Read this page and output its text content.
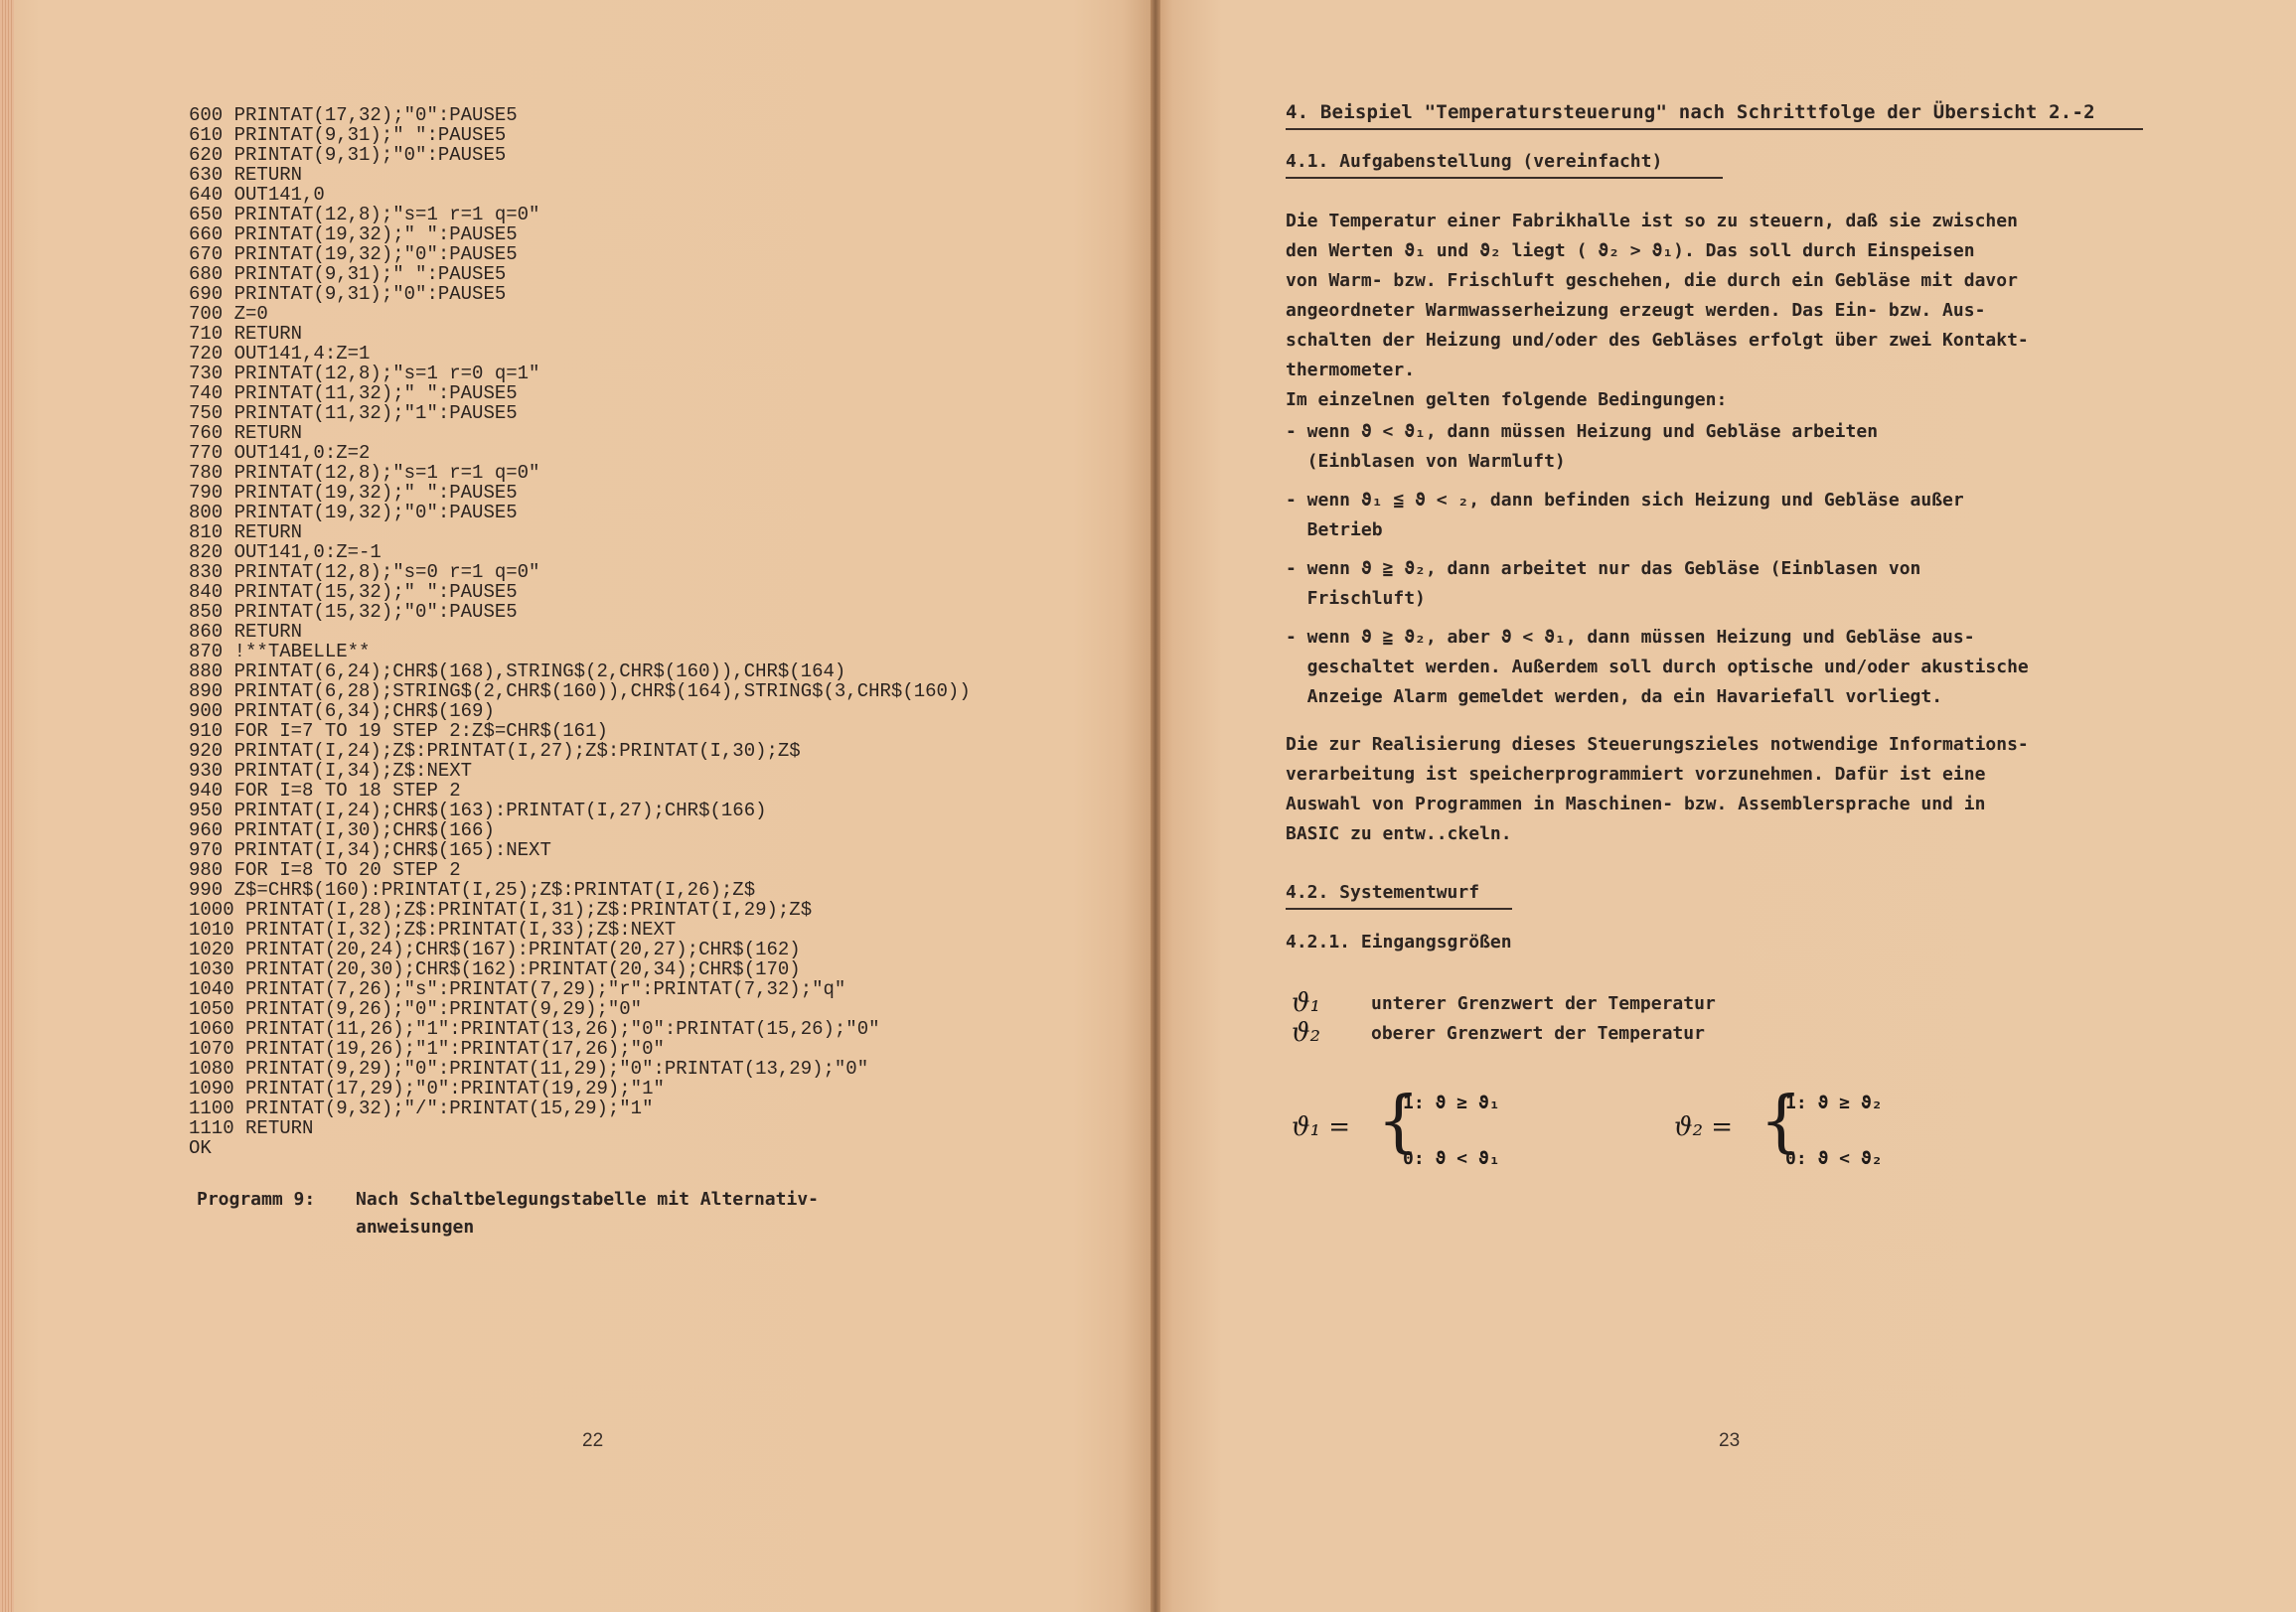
600 PRINTAT(17,32);"0":PAUSE5
610 PRINTAT(9,31);" ":PAUSE5
620 PRINTAT(9,31);"0":PAUSE5
630 RETURN
640 OUT141,0
650 PRINTAT(12,8);"s=1 r=1 q=0"
660 PRINTAT(19,32);" ":PAUSE5
670 PRINTAT(19,32);"0":PAUSE5
680 PRINTAT(9,31);" ":PAUSE5
690 PRINTAT(9,31);"0":PAUSE5
700 Z=0
710 RETURN
720 OUT141,4:Z=1
730 PRINTAT(12,8);"s=1 r=0 q=1"
740 PRINTAT(11,32);" ":PAUSE5
750 PRINTAT(11,32);"1":PAUSE5
760 RETURN
770 OUT141,0:Z=2
780 PRINTAT(12,8);"s=1 r=1 q=0"
790 PRINTAT(19,32);" ":PAUSE5
800 PRINTAT(19,32);"0":PAUSE5
810 RETURN
820 OUT141,0:Z=-1
830 PRINTAT(12,8);"s=0 r=1 q=0"
840 PRINTAT(15,32);" ":PAUSE5
850 PRINTAT(15,32);"0":PAUSE5
860 RETURN
870 !**TABELLE**
880 PRINTAT(6,24);CHR$(168),STRING$(2,CHR$(160)),CHR$(164)
890 PRINTAT(6,28);STRING$(2,CHR$(160)),CHR$(164),STRING$(3,CHR$(160))
900 PRINTAT(6,34);CHR$(169)
910 FOR I=7 TO 19 STEP 2:Z$=CHR$(161)
920 PRINTAT(I,24);Z$:PRINTAT(I,27);Z$:PRINTAT(I,30);Z$
930 PRINTAT(I,34);Z$:NEXT
940 FOR I=8 TO 18 STEP 2
950 PRINTAT(I,24);CHR$(163):PRINTAT(I,27);CHR$(166)
960 PRINTAT(I,30);CHR$(166)
970 PRINTAT(I,34);CHR$(165):NEXT
980 FOR I=8 TO 20 STEP 2
990 Z$=CHR$(160):PRINTAT(I,25);Z$:PRINTAT(I,26);Z$
1000 PRINTAT(I,28);Z$:PRINTAT(I,31);Z$:PRINTAT(I,29);Z$
1010 PRINTAT(I,32);Z$:PRINTAT(I,33);Z$:NEXT
1020 PRINTAT(20,24);CHR$(167):PRINTAT(20,27);CHR$(162)
1030 PRINTAT(20,30);CHR$(162):PRINTAT(20,34);CHR$(170)
1040 PRINTAT(7,26);"s":PRINTAT(7,29);"r":PRINTAT(7,32);"q"
1050 PRINTAT(9,26);"0":PRINTAT(9,29);"0"
1060 PRINTAT(11,26);"1":PRINTAT(13,26);"0":PRINTAT(15,26);"0"
1070 PRINTAT(19,26);"1":PRINTAT(17,26);"0"
1080 PRINTAT(9,29);"0":PRINTAT(11,29);"0":PRINTAT(13,29);"0"
1090 PRINTAT(17,29);"0":PRINTAT(19,29);"1"
1100 PRINTAT(9,32);"/":PRINTAT(15,29);"1"
1110 RETURN
OK
Programm 9: Nach Schaltbelegungstabelle mit Alternativ-
anweisungen
22	23
4. Beispiel "Temperatursteuerung" nach Schrittfolge der Übersicht 2.-2
4.1. Aufgabenstellung (vereinfacht)
Die Temperatur einer Fabrikhalle ist so zu steuern, daß sie zwischen
den Werten ϑ₁ und ϑ₂ liegt ( ϑ₂ > ϑ₁). Das soll durch Einspeisen
von Warm- bzw. Frischluft geschehen, die durch ein Gebläse mit davor
angeordneter Warmwasserheizung erzeugt werden. Das Ein- bzw. Aus-
schalten der Heizung und/oder des Gebläses erfolgt über zwei Kontakt-
thermometer.
Im einzelnen gelten folgende Bedingungen:
- wenn ϑ < ϑ₁, dann müssen Heizung und Gebläse arbeiten
(Einblasen von Warmluft)
- wenn ϑ₁ ≦ ϑ < ₂, dann befinden sich Heizung und Gebläse außer
Betrieb
- wenn ϑ ≧ ϑ₂, dann arbeitet nur das Gebläse (Einblasen von
Frischluft)
- wenn ϑ ≧ ϑ₂, aber ϑ < ϑ₁, dann müssen Heizung und Gebläse aus-
geschaltet werden. Außerdem soll durch optische und/oder akustische
Anzeige Alarm gemeldet werden, da ein Havariefall vorliegt.
Die zur Realisierung dieses Steuerungszieles notwendige Informations-
verarbeitung ist speicherprogrammiert vorzunehmen. Dafür ist eine
Auswahl von Programmen in Maschinen- bzw. Assemblersprache und in
BASIC zu entw..ckeln.
4.2. Systementwurf
4.2.1. Eingangsgrößen
ϑ₁	unterer Grenzwert der Temperatur
ϑ₂	oberer Grenzwert der Temperatur
ϑ₁ = {
1: ϑ ≥ ϑ₁
0: ϑ < ϑ₁
ϑ₂ = {
1: ϑ ≥ ϑ₂
0: ϑ < ϑ₂
